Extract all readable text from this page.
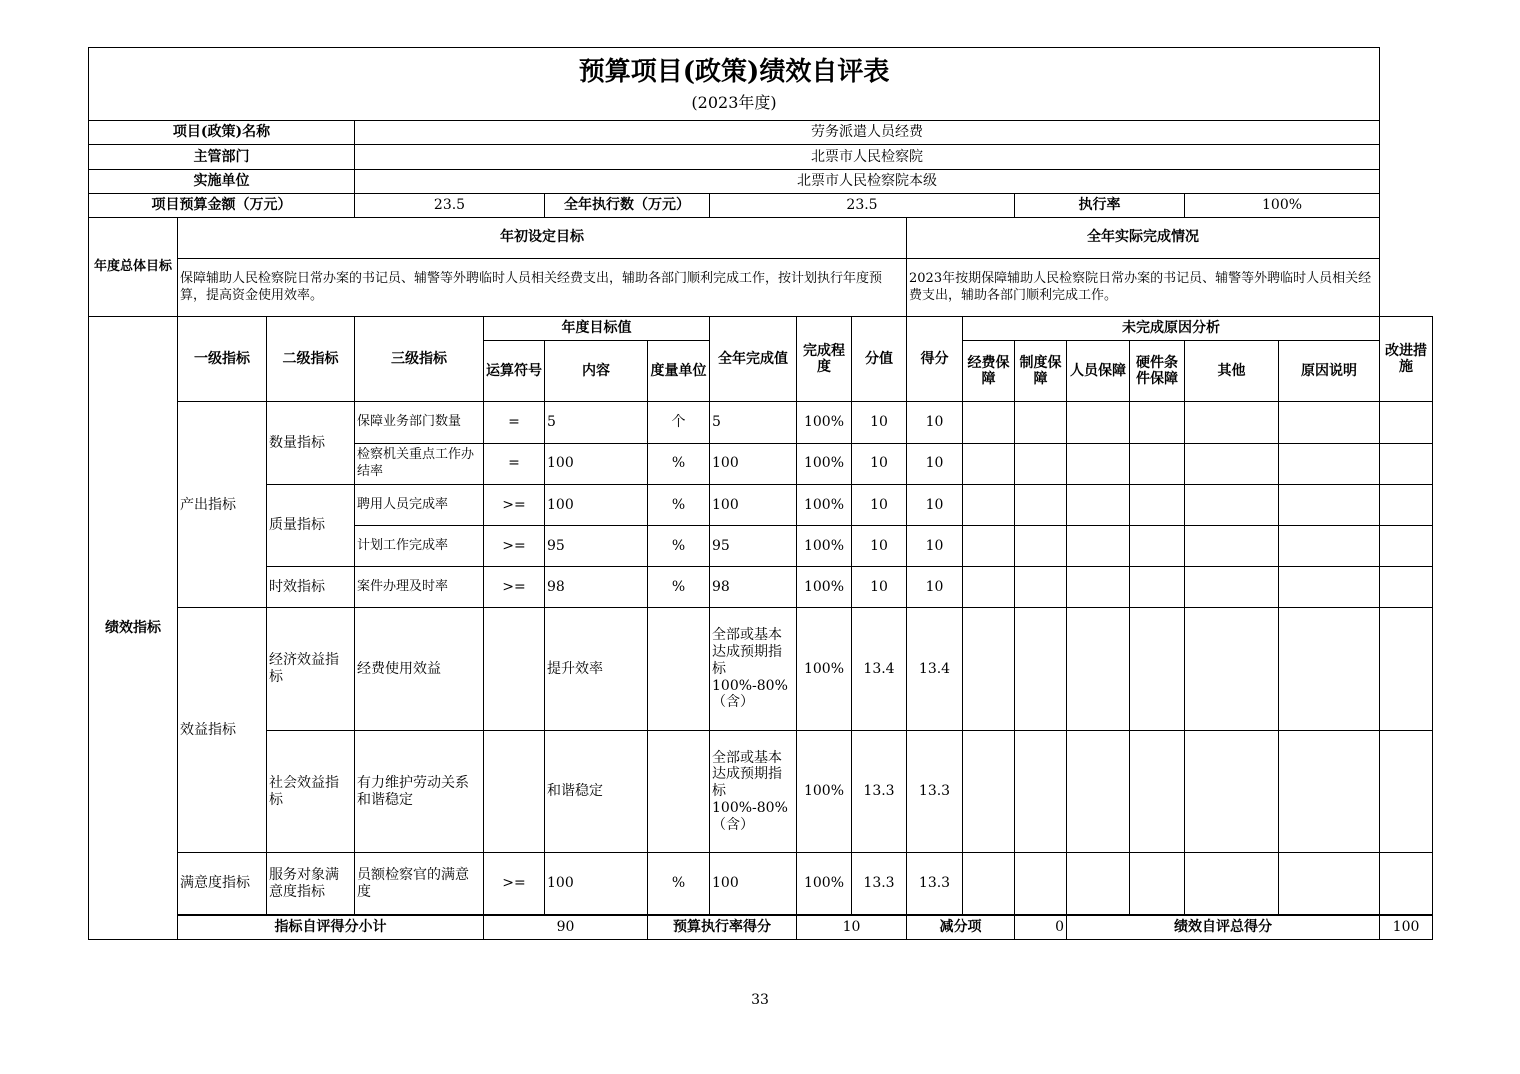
预算项目(政策)绩效自评表
(2023年度)																	

项目(政策)名称			劳务派遣人员经费														
主管部门			北票市人民检察院														
实施单位			北票市人民检察院本级														
项目预算金额（万元）			23.5		全年执行数（万元）		23.5					执行率			100%		
年度总体目标	年初设定目标									全年实际完成情况							
	保障辅助人民检察院日常办案的书记员、辅警等外聘临时人员相关经费支出，辅助各部门顺利完成工作，按计划执行年度预算，提高资金使用效率。									2023年按期保障辅助人民检察院日常办案的书记员、辅警等外聘临时人员相关经费支出，辅助各部门顺利完成工作。							
绩效指标	一级指标	二级指标	三级指标	年度目标值			全年完成值	完成程度	分值	得分	未完成原因分析						改进措施
				运算符号	内容	度量单位					经费保障	制度保障	人员保障	硬件条件保障	其他	原因说明	
	产出指标	数量指标	保障业务部门数量	=	5	个	5	100%	10	10							
			检察机关重点工作办结率	=	100	%	100	100%	10	10							
		质量指标	聘用人员完成率	>=	100	%	100	100%	10	10							
			计划工作完成率	>=	95	%	95	100%	10	10							
		时效指标	案件办理及时率	>=	98	%	98	100%	10	10							
	效益指标	经济效益指标	经费使用效益		提升效率		全部或基本达成预期指标100%-80%（含）	100%	13.4	13.4							
		社会效益指标	有力维护劳动关系和谐稳定		和谐稳定		全部或基本达成预期指标100%-80%（含）	100%	13.3	13.3							
	满意度指标	服务对象满意度指标	员额检察官的满意度	>=	100	%	100	100%	13.3	13.3							
	指标自评得分小计			90		预算执行率得分		10		减分项		0	绩效自评总得分				100
33
